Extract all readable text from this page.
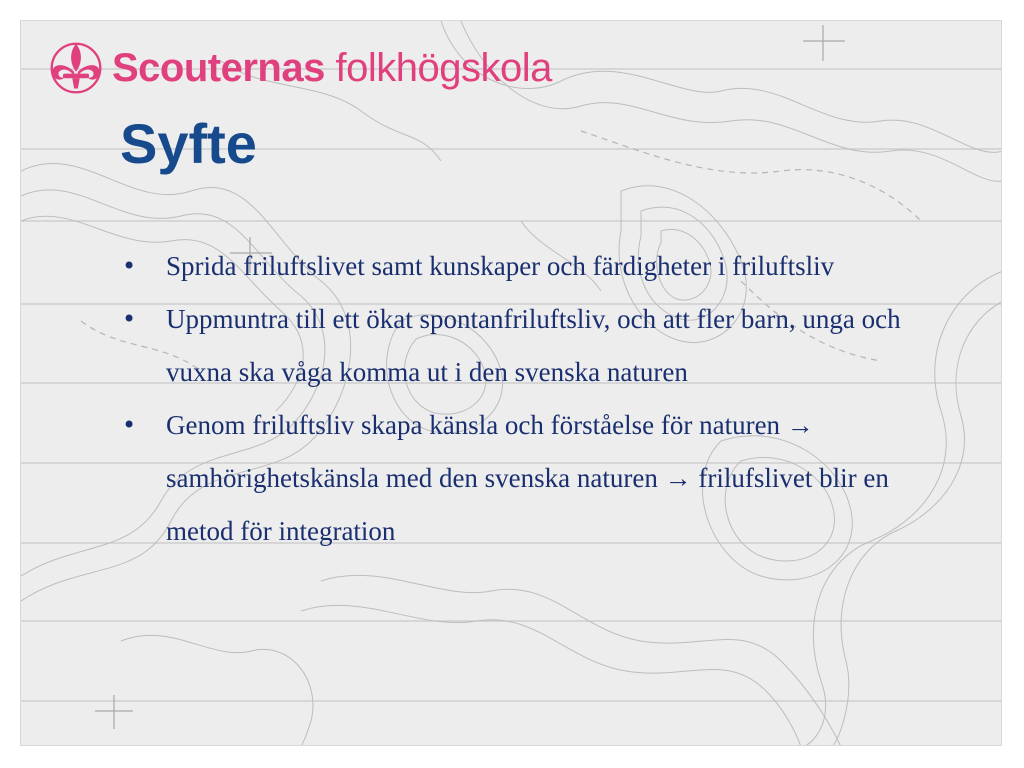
Scouternas folkhögskola
Syfte
• Sprida friluftslivet samt kunskaper och färdigheter i friluftsliv
• Uppmuntra till ett ökat spontanfriluftsliv, och att fler barn, unga och vuxna ska våga komma ut i den svenska naturen
• Genom friluftsliv skapa känsla och förståelse för naturen → samhörighetskänsla med den svenska naturen → frilufslivet blir en metod för integration
